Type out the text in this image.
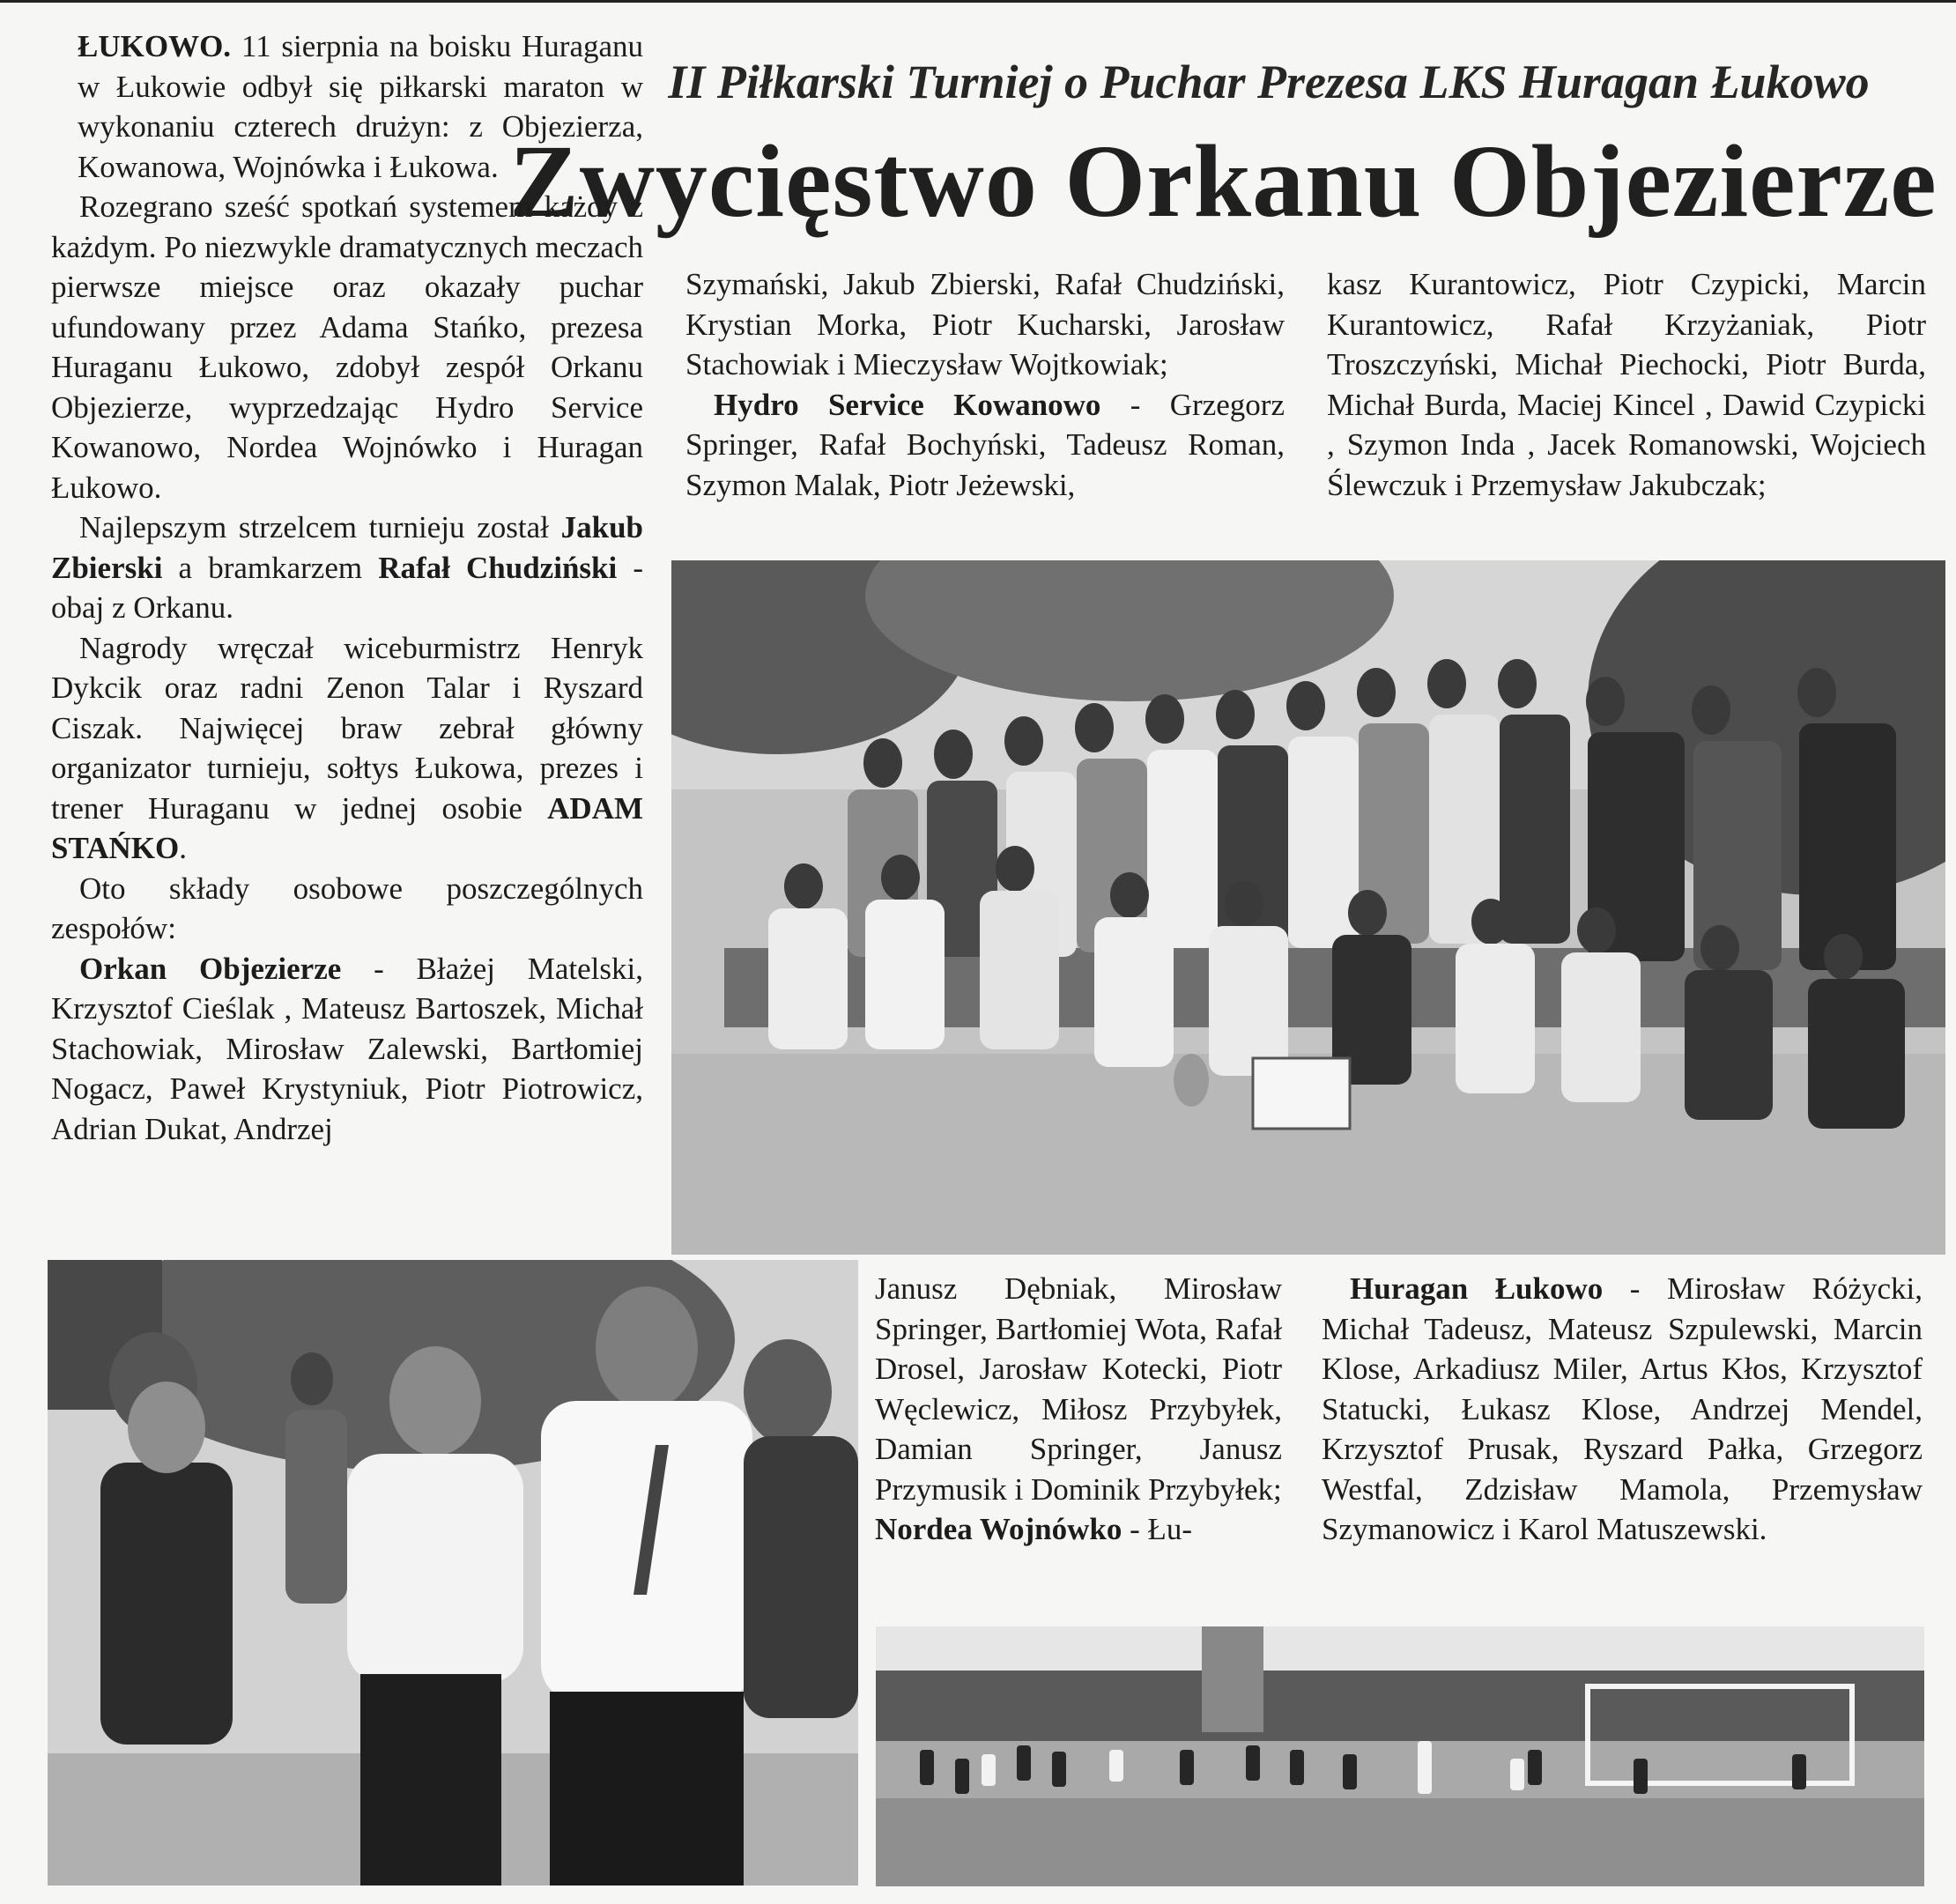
II Piłkarski Turniej o Puchar Prezesa LKS Huragan Łukowo
Zwycięstwo Orkanu Objezierze

ŁUKOWO. 11 sierpnia na boisku Huraganu w Łukowie odbył się piłkarski maraton w wykonaniu czterech drużyn: z Objezierza, Kowanowa, Wojnówka i Łukowa.

Rozegrano sześć spotkań systemem każdy z każdym. Po niezwykle dramatycznych meczach pierwsze miejsce oraz okazały puchar ufundowany przez Adama Stańko, prezesa Huraganu Łukowo, zdobył zespół Orkanu Objezierze, wyprzedzając Hydro Service Kowanowo, Nordea Wojnówko i Huragan Łukowo.

Najlepszym strzelcem turnieju został Jakub Zbierski a bramkarzem Rafał Chudziński - obaj z Orkanu.

Nagrody wręczał wiceburmistrz Henryk Dykcik oraz radni Zenon Talar i Ryszard Ciszak. Najwięcej braw zebrał główny organizator turnieju, sołtys Łukowa, prezes i trener Huraganu w jednej osobie ADAM STAŃKO.

Oto składy osobowe poszczególnych zespołów:

Orkan Objezierze - Błażej Matelski, Krzysztof Cieślak , Mateusz Bartoszek, Michał Stachowiak, Mirosław Zalewski, Bartłomiej Nogacz, Paweł Krystyniuk, Piotr Piotrowicz, Adrian Dukat, Andrzej

Szymański, Jakub Zbierski, Rafał Chudziński, Krystian Morka, Piotr Kucharski, Jarosław Stachowiak i Mieczysław Wojtkowiak;

Hydro Service Kowanowo - Grzegorz Springer, Rafał Bochyński, Tadeusz Roman, Szymon Malak, Piotr Jeżewski,

kasz Kurantowicz, Piotr Czypicki, Marcin Kurantowicz, Rafał Krzyżaniak, Piotr Troszczyński, Michał Piechocki, Piotr Burda, Michał Burda, Maciej Kincel , Dawid Czypicki , Szymon Inda , Jacek Romanowski, Wojciech Ślewczuk i Przemysław Jakubczak;

Janusz Dębniak, Mirosław Springer, Bartłomiej Wota, Rafał Drosel, Jarosław Kotecki, Piotr Węclewicz, Miłosz Przybyłek, Damian Springer, Janusz Przymusik i Dominik Przybyłek;

Nordea Wojnówko - Łu-

Huragan Łukowo - Mirosław Różycki, Michał Tadeusz, Mateusz Szpulewski, Marcin Klose, Arkadiusz Miler, Artus Kłos, Krzysztof Statucki, Łukasz Klose, Andrzej Mendel, Krzysztof Prusak, Ryszard Pałka, Grzegorz Westfal, Zdzisław Mamola, Przemysław Szymanowicz i Karol Matuszewski.
